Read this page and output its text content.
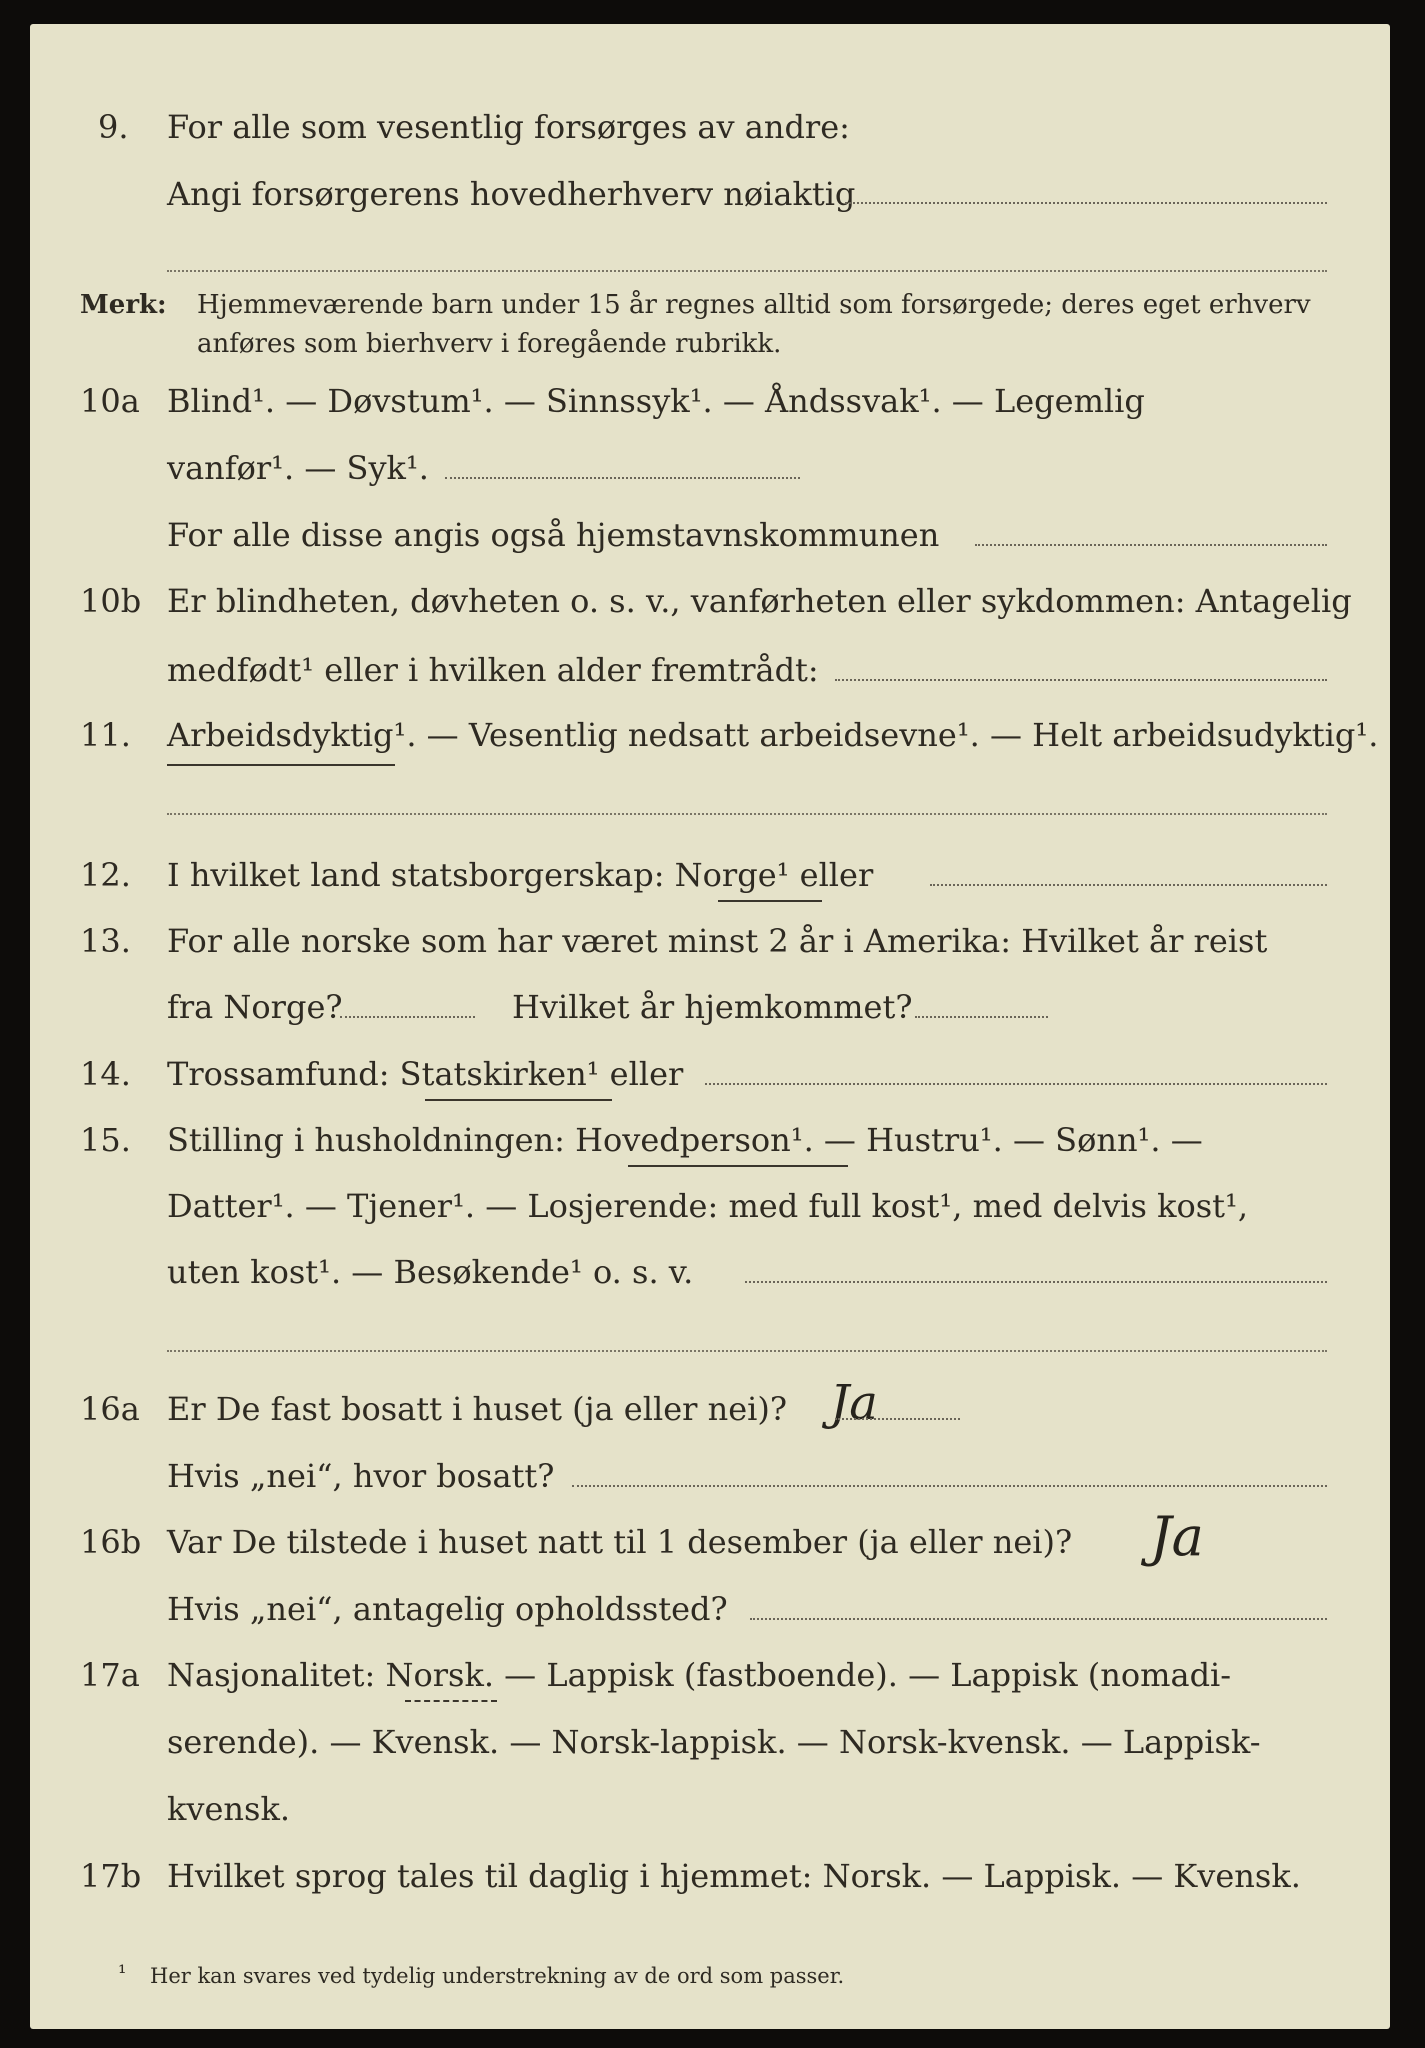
9. For alle som vesentlig forsørges av andre:
Angi forsørgerens hovedherhverv nøiaktig
Merk: Hjemmeværende barn under 15 år regnes alltid som forsørgede; deres eget erhverv
anføres som bierhverv i foregående rubrikk.
10a Blind¹. — Døvstum¹. — Sinnssyk¹. — Åndssvak¹. — Legemlig
vanfør¹. — Syk¹.
For alle disse angis også hjemstavnskommunen
10b Er blindheten, døvheten o. s. v., vanførheten eller sykdommen: Antagelig
medfødt¹ eller i hvilken alder fremtrådt:
11. Arbeidsdyktig¹. — Vesentlig nedsatt arbeidsevne¹. — Helt arbeidsudyktig¹.
12. I hvilket land statsborgerskap: Norge¹ eller
13. For alle norske som har været minst 2 år i Amerika: Hvilket år reist
fra Norge?	Hvilket år hjemkommet?
14. Trossamfund: Statskirken¹ eller
15. Stilling i husholdningen: Hovedperson¹. — Hustru¹. — Sønn¹. —
Datter¹. — Tjener¹. — Losjerende: med full kost¹, med delvis kost¹,
uten kost¹. — Besøkende¹ o. s. v.
16a Er De fast bosatt i huset (ja eller nei)? Ja
Hvis „nei“, hvor bosatt?
16b Var De tilstede i huset natt til 1 desember (ja eller nei)? Ja
Hvis „nei“, antagelig opholdssted?
17a Nasjonalitet: Norsk. — Lappisk (fastboende). — Lappisk (nomadi-
serende). — Kvensk. — Norsk-lappisk. — Norsk-kvensk. — Lappisk-
kvensk.
17b Hvilket sprog tales til daglig i hjemmet: Norsk. — Lappisk. — Kvensk.
¹ Her kan svares ved tydelig understrekning av de ord som passer.
